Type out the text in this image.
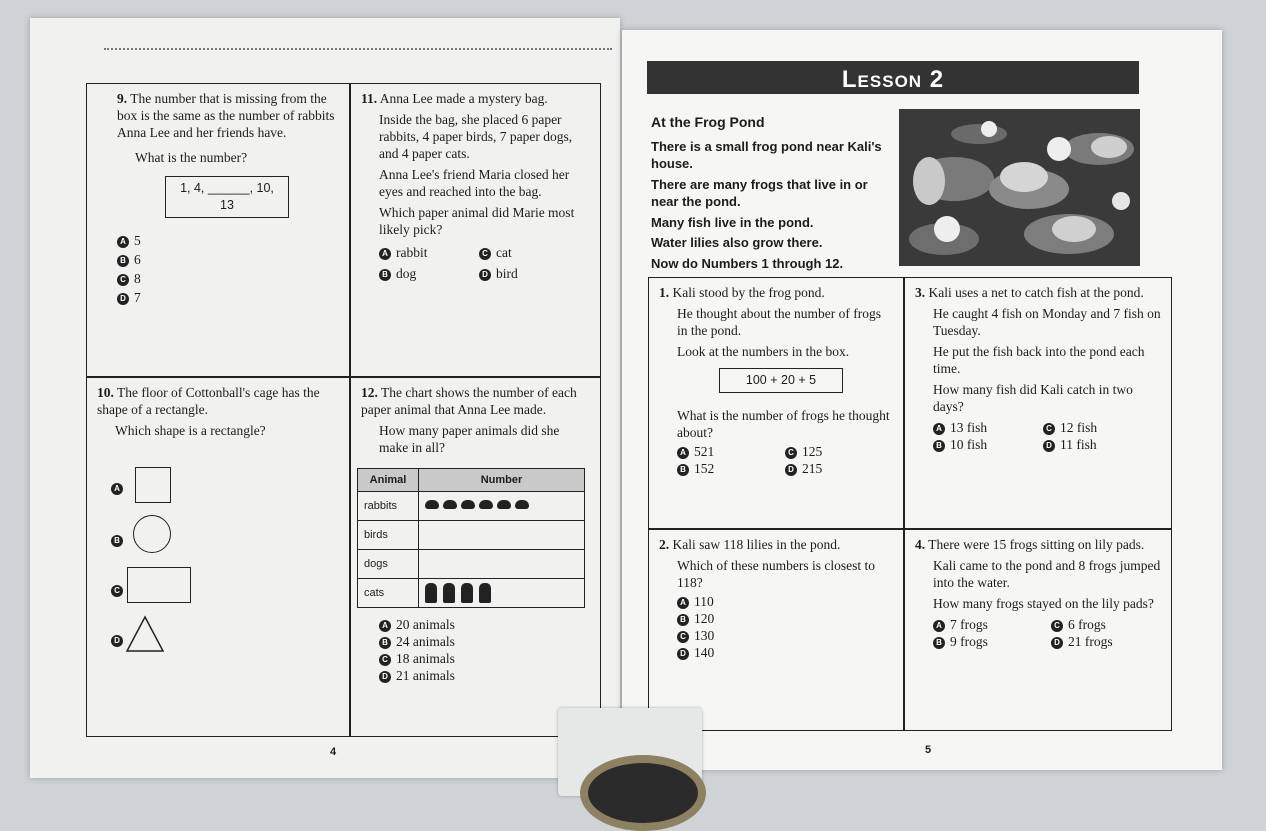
9. The number that is missing from the box is the same as the number of rabbits Anna Lee and her friends have.

What is the number?

1, 4, ______, 10, 13
A 5
B 6
C 8
D 7

11. Anna Lee made a mystery bag.

Inside the bag, she placed 6 paper rabbits, 4 paper birds, 7 paper dogs, and 4 paper cats.

Anna Lee's friend Maria closed her eyes and reached into the bag.

Which paper animal did Marie most likely pick?

A rabbit	C cat
B dog	D bird

10. The floor of Cottonball's cage has the shape of a rectangle.

Which shape is a rectangle?

A
B
C
D

12. The chart shows the number of each paper animal that Anna Lee made.

How many paper animals did she make in all?

Animal	Number
rabbits	
birds	
dogs	
cats	
A 20 animals
B 24 animals
C 18 animals
D 21 animals
4
Lesson 2

At the Frog Pond

There is a small frog pond near Kali's house.

There are many frogs that live in or near the pond.

Many fish live in the pond.

Water lilies also grow there.

Now do Numbers 1 through 12.

1. Kali stood by the frog pond.

He thought about the number of frogs in the pond.

Look at the numbers in the box.

100 + 20 + 5

What is the number of frogs he thought about?

A 521	C 125
B 152	D 215

3. Kali uses a net to catch fish at the pond.

He caught 4 fish on Monday and 7 fish on Tuesday.

He put the fish back into the pond each time.

How many fish did Kali catch in two days?

A 13 fish	C 12 fish
B 10 fish	D 11 fish

2. Kali saw 118 lilies in the pond.

Which of these numbers is closest to 118?

A 110
B 120
C 130
D 140

4. There were 15 frogs sitting on lily pads.

Kali came to the pond and 8 frogs jumped into the water.

How many frogs stayed on the lily pads?

A 7 frogs	C 6 frogs
B 9 frogs	D 21 frogs
5
